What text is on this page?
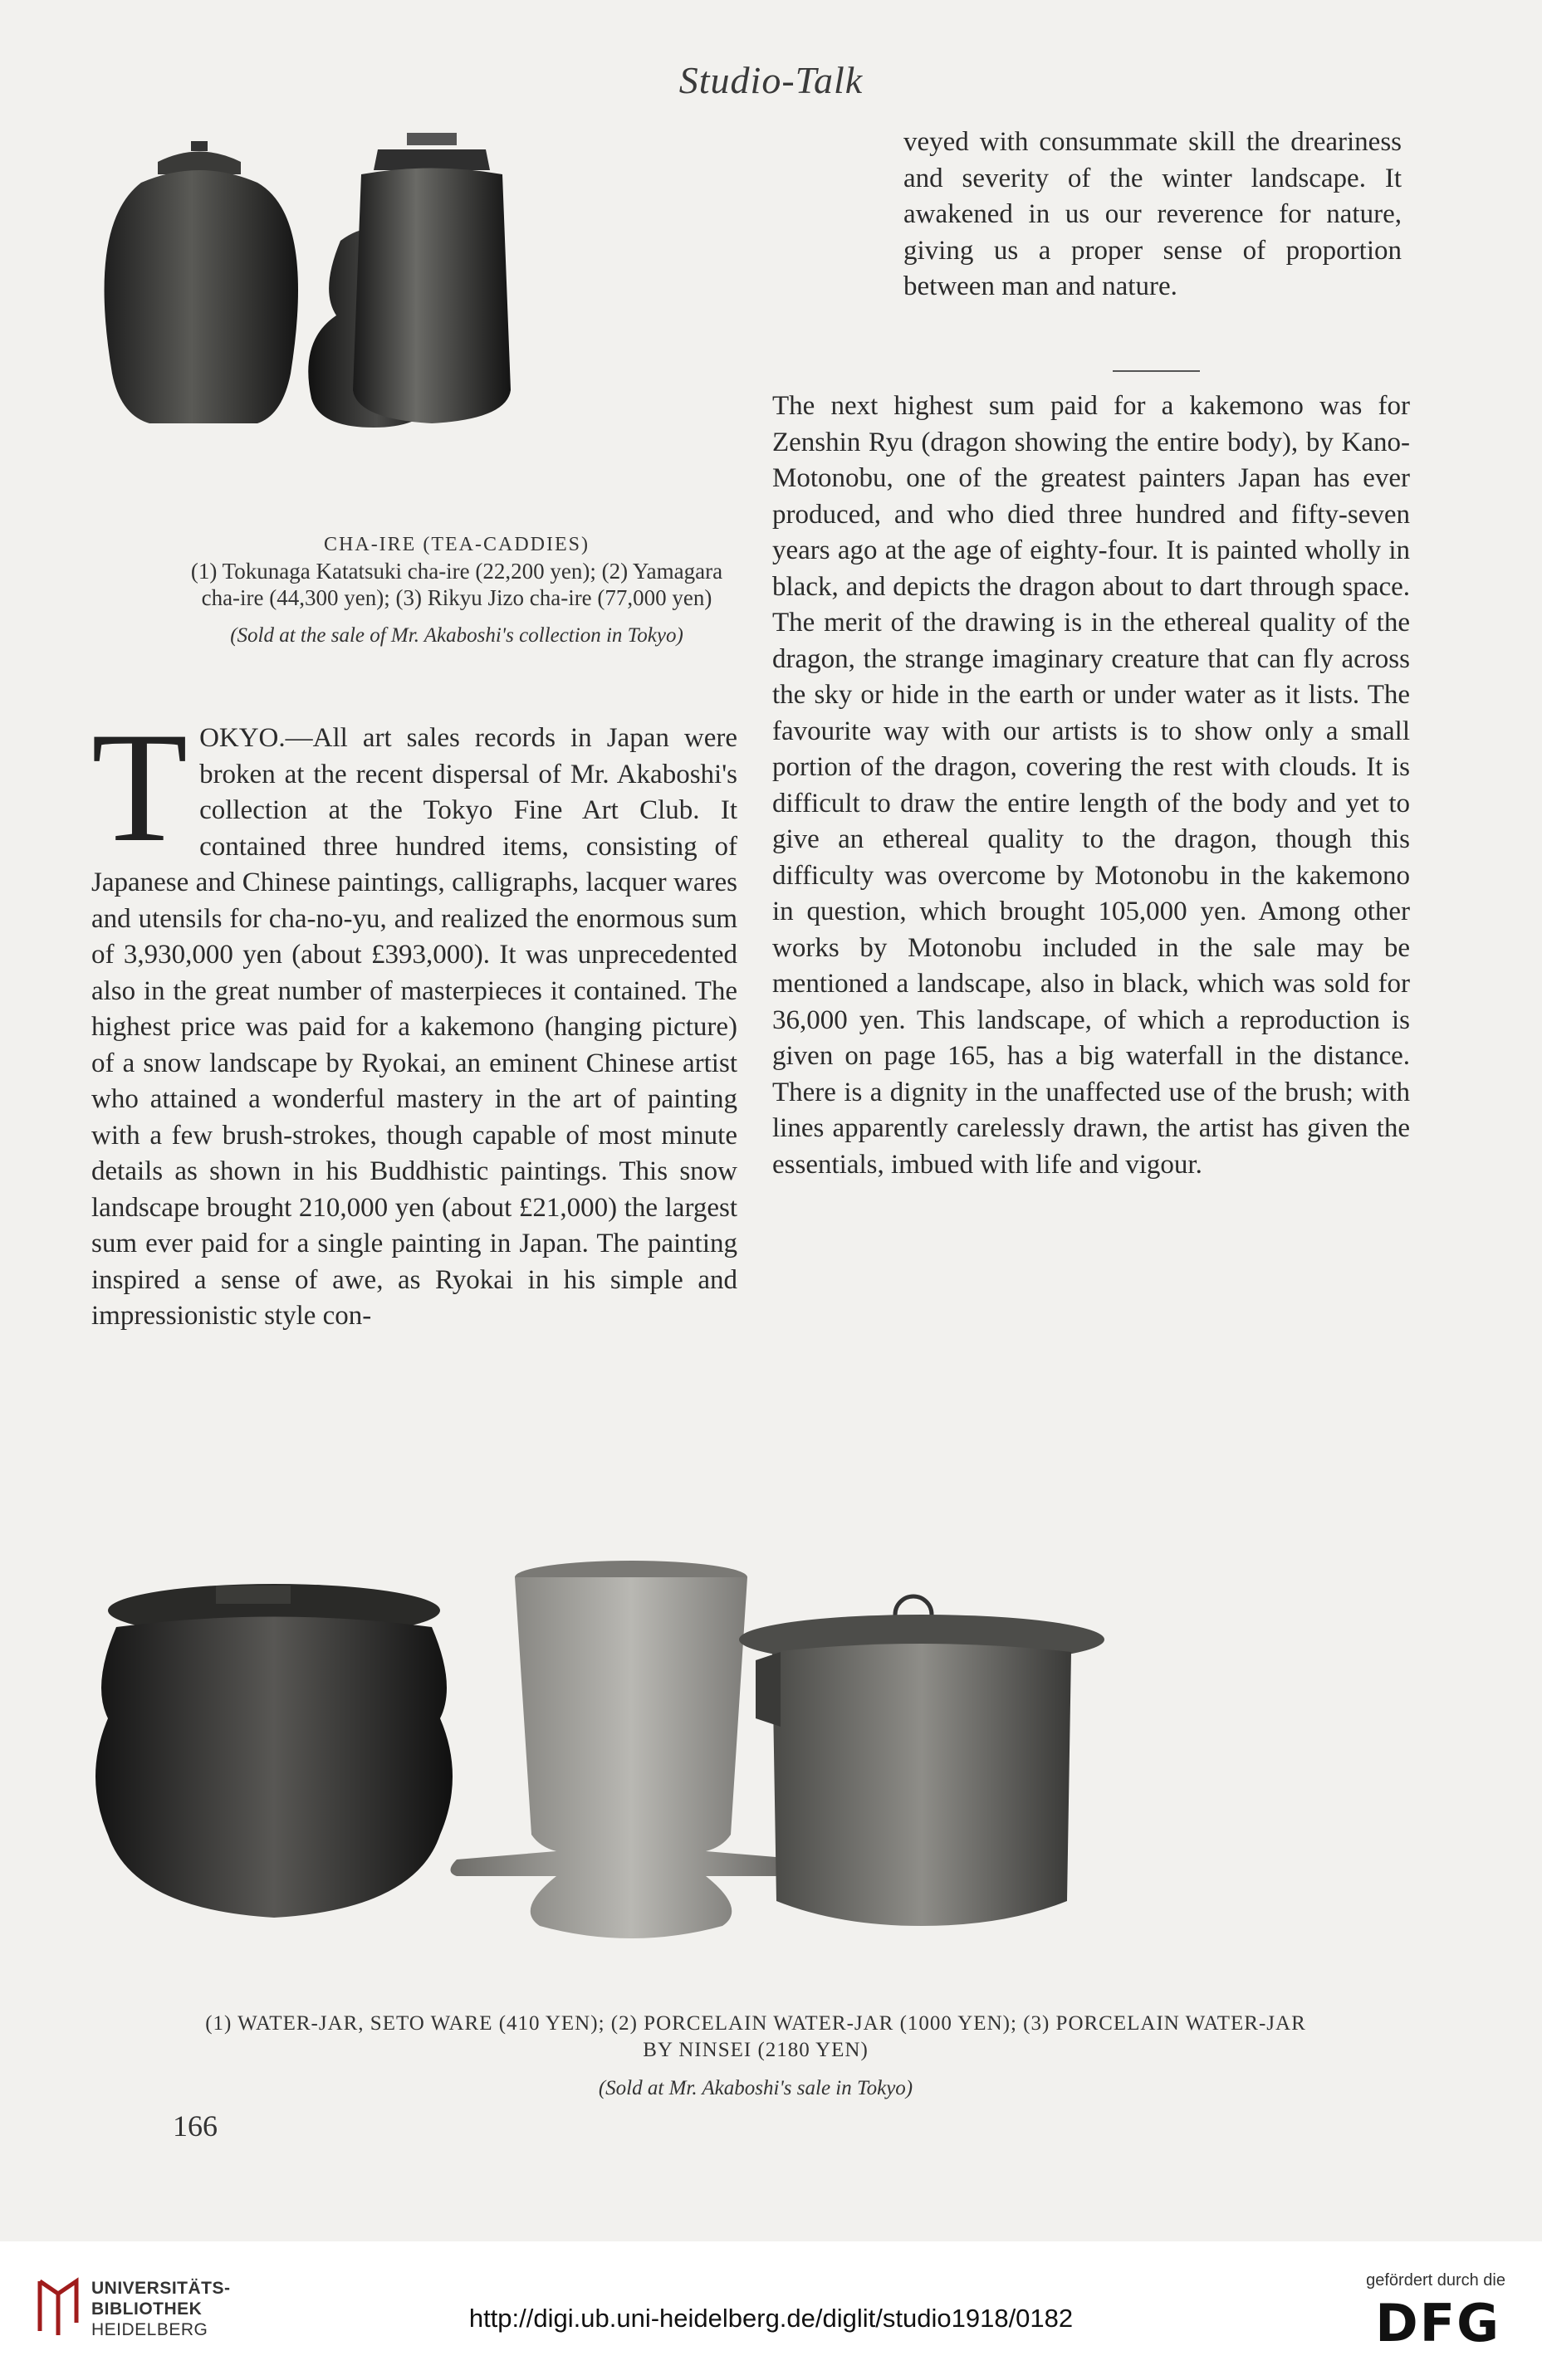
Studio-Talk
CHA-IRE (TEA-CADDIES)
(1) Tokunaga Katatsuki cha-ire (22,200 yen); (2) Yamagara
cha-ire (44,300 yen); (3) Rikyu Jizo cha-ire (77,000 yen)
(Sold at the sale of Mr. Akaboshi's collection in Tokyo)

veyed with consummate skill the dreariness and severity of the winter landscape. It awakened in us our reverence for nature, giving us a proper sense of proportion between man and nature.

The next highest sum paid for a kakemono was for Zenshin Ryu (dragon showing the entire body), by Kano-Motonobu, one of the greatest painters Japan has ever produced, and who died three hundred and fifty-seven years ago at the age of eighty-four. It is painted wholly in black, and depicts the dragon about to dart through space. The merit of the drawing is in the ethereal quality of the dragon, the strange imaginary creature that can fly across the sky or hide in the earth or under water as it lists. The favourite way with our artists is to show only a small portion of the dragon, covering the rest with clouds. It is difficult to draw the entire length of the body and yet to give an ethereal quality to the dragon, though this difficulty was overcome by Motonobu in the kakemono in question, which brought 105,000 yen. Among other works by Motonobu included in the sale may be mentioned a landscape, also in black, which was sold for 36,000 yen. This landscape, of which a reproduction is given on page 165, has a big waterfall in the distance. There is a dignity in the unaffected use of the brush; with lines apparently carelessly drawn, the artist has given the essentials, imbued with life and vigour.

T OKYO.—All art sales records in Japan were broken at the recent dispersal of Mr. Akaboshi's collection at the Tokyo Fine Art Club. It contained three hundred items, consisting of Japanese and Chinese paintings, calligraphs, lacquer wares and utensils for cha-no-yu, and realized the enormous sum of 3,930,000 yen (about £393,000). It was unprecedented also in the great number of masterpieces it contained. The highest price was paid for a kakemono (hanging picture) of a snow landscape by Ryokai, an eminent Chinese artist who attained a wonderful mastery in the art of painting with a few brush-strokes, though capable of most minute details as shown in his Buddhistic paintings. This snow landscape brought 210,000 yen (about £21,000) the largest sum ever paid for a single painting in Japan. The painting inspired a sense of awe, as Ryokai in his simple and impressionistic style con-

(1) WATER-JAR, SETO WARE (410 YEN); (2) PORCELAIN WATER-JAR (1000 YEN); (3) PORCELAIN WATER-JAR
BY NINSEI (2180 YEN)
(Sold at Mr. Akaboshi's sale in Tokyo)
166
UNIVERSITÄTS-
BIBLIOTHEK
HEIDELBERG	http://digi.ub.uni-heidelberg.de/diglit/studio1918/0182
gefördert durch die
DFG
